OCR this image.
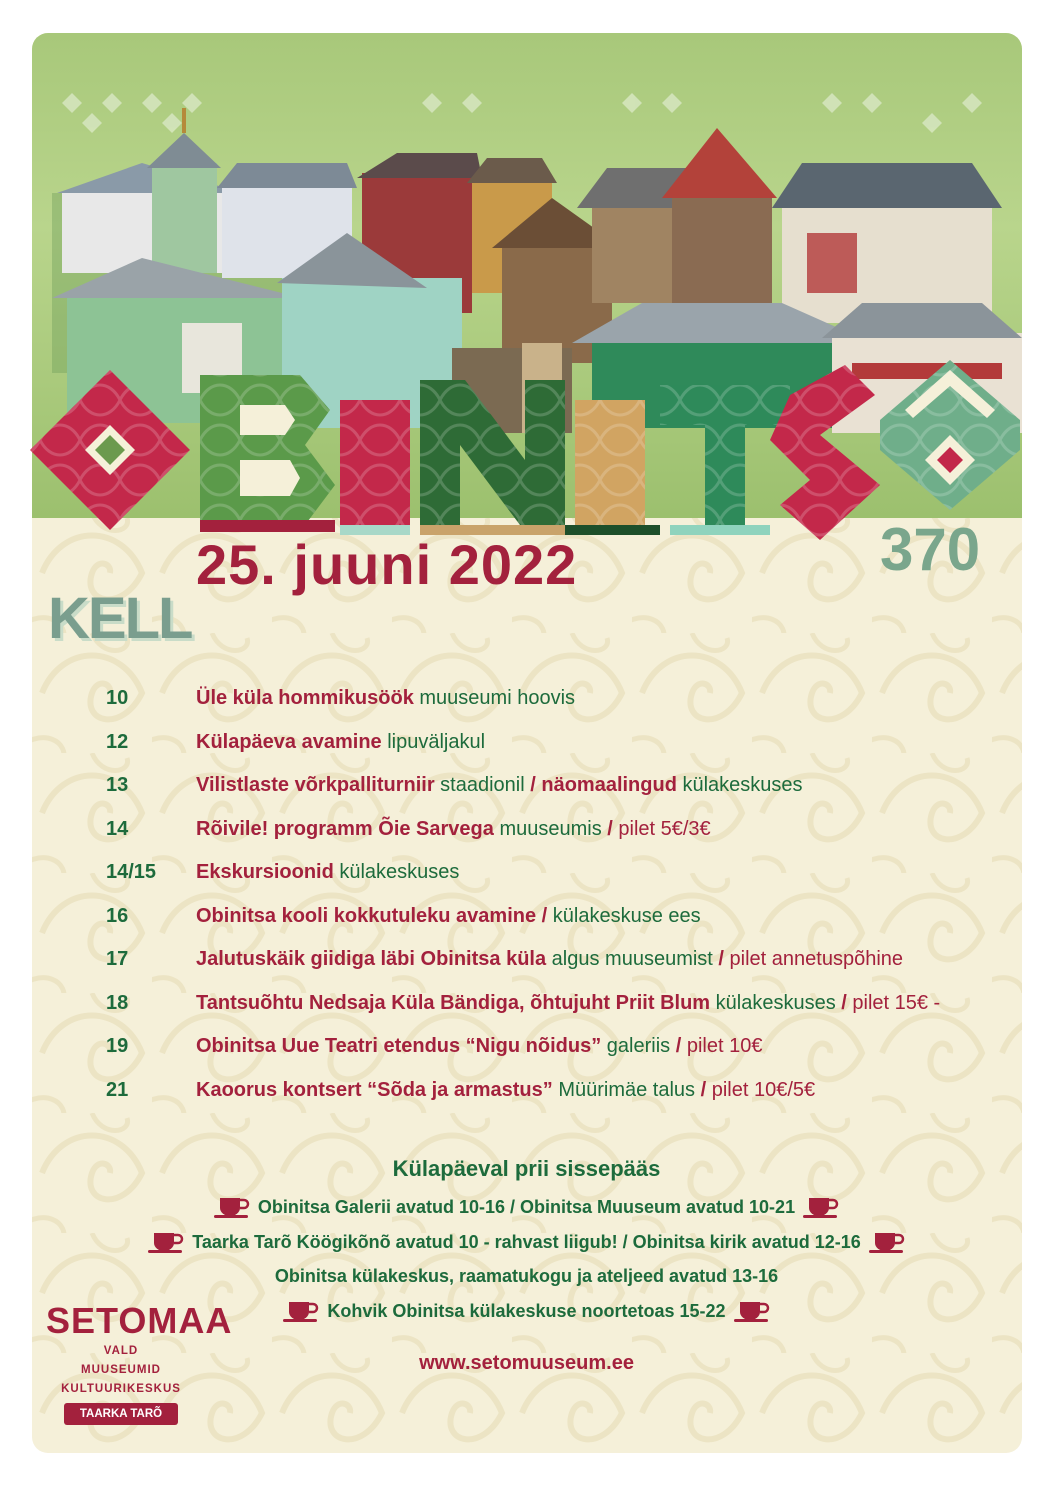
370
25. juuni 2022
KELL
10	Üle küla hommikusöök muuseumi hoovis
12	Külapäeva avamine lipuväljakul
13	Vilistlaste võrkpalliturniir staadionil / näomaalingud külakeskuses
14	Rõivile! programm Õie Sarvega muuseumis / pilet 5€/3€
14/15 Ekskursioonid külakeskuses
16	Obinitsa kooli kokkutuleku avamine / külakeskuse ees
17	Jalutuskäik giidiga läbi Obinitsa küla algus muuseumist / pilet annetuspõhine
18	Tantsuõhtu Nedsaja Küla Bändiga, õhtujuht Priit Blum külakeskuses / pilet 15€ -
19	Obinitsa Uue Teatri etendus “Nigu nõidus” galeriis / pilet 10€
21	Kaoorus kontsert “Sõda ja armastus” Müürimäe talus / pilet 10€/5€
Külapäeval prii sissepääs
Obinitsa Galerii avatud 10-16 / Obinitsa Muuseum avatud 10-21
Taarka Tarõ Köögikõnõ avatud 10 - rahvast liigub! / Obinitsa kirik avatud 12-16
Obinitsa külakeskus, raamatukogu ja ateljeed avatud 13-16
Kohvik Obinitsa külakeskuse noortetoas 15-22
www.setomuuseum.ee
SETOMAA
VALD
MUUSEUMID
KULTUURIKESKUS
TAARKA TARÕ
